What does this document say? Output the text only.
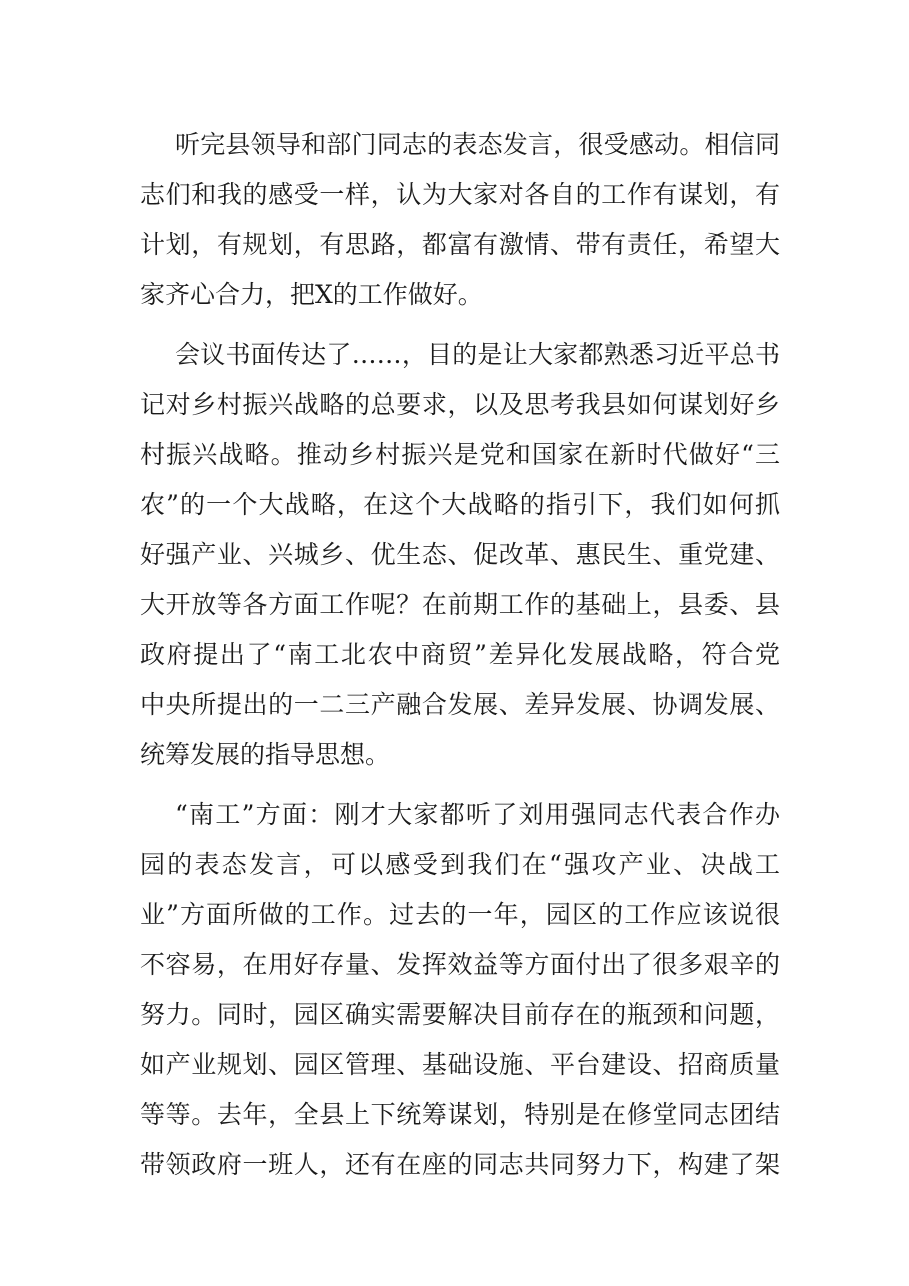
听完县领导和部门同志的表态发言，很受感动。相信同
志们和我的感受一样，认为大家对各自的工作有谋划，有
计划，有规划，有思路，都富有激情、带有责任，希望大
家齐心合力，把X的工作做好。
会议书面传达了……，目的是让大家都熟悉习近平总书
记对乡村振兴战略的总要求，以及思考我县如何谋划好乡
村振兴战略。推动乡村振兴是党和国家在新时代做好“三
农”的一个大战略，在这个大战略的指引下，我们如何抓
好强产业、兴城乡、优生态、促改革、惠民生、重党建、
大开放等各方面工作呢？在前期工作的基础上，县委、县
政府提出了“南工北农中商贸”差异化发展战略，符合党
中央所提出的一二三产融合发展、差异发展、协调发展、
统筹发展的指导思想。
“南工”方面：刚才大家都听了刘用强同志代表合作办
园的表态发言，可以感受到我们在“强攻产业、决战工
业”方面所做的工作。过去的一年，园区的工作应该说很
不容易，在用好存量、发挥效益等方面付出了很多艰辛的
努力。同时，园区确实需要解决目前存在的瓶颈和问题，
如产业规划、园区管理、基础设施、平台建设、招商质量
等等。去年，全县上下统筹谋划，特别是在修堂同志团结
带领政府一班人，还有在座的同志共同努力下，构建了架
